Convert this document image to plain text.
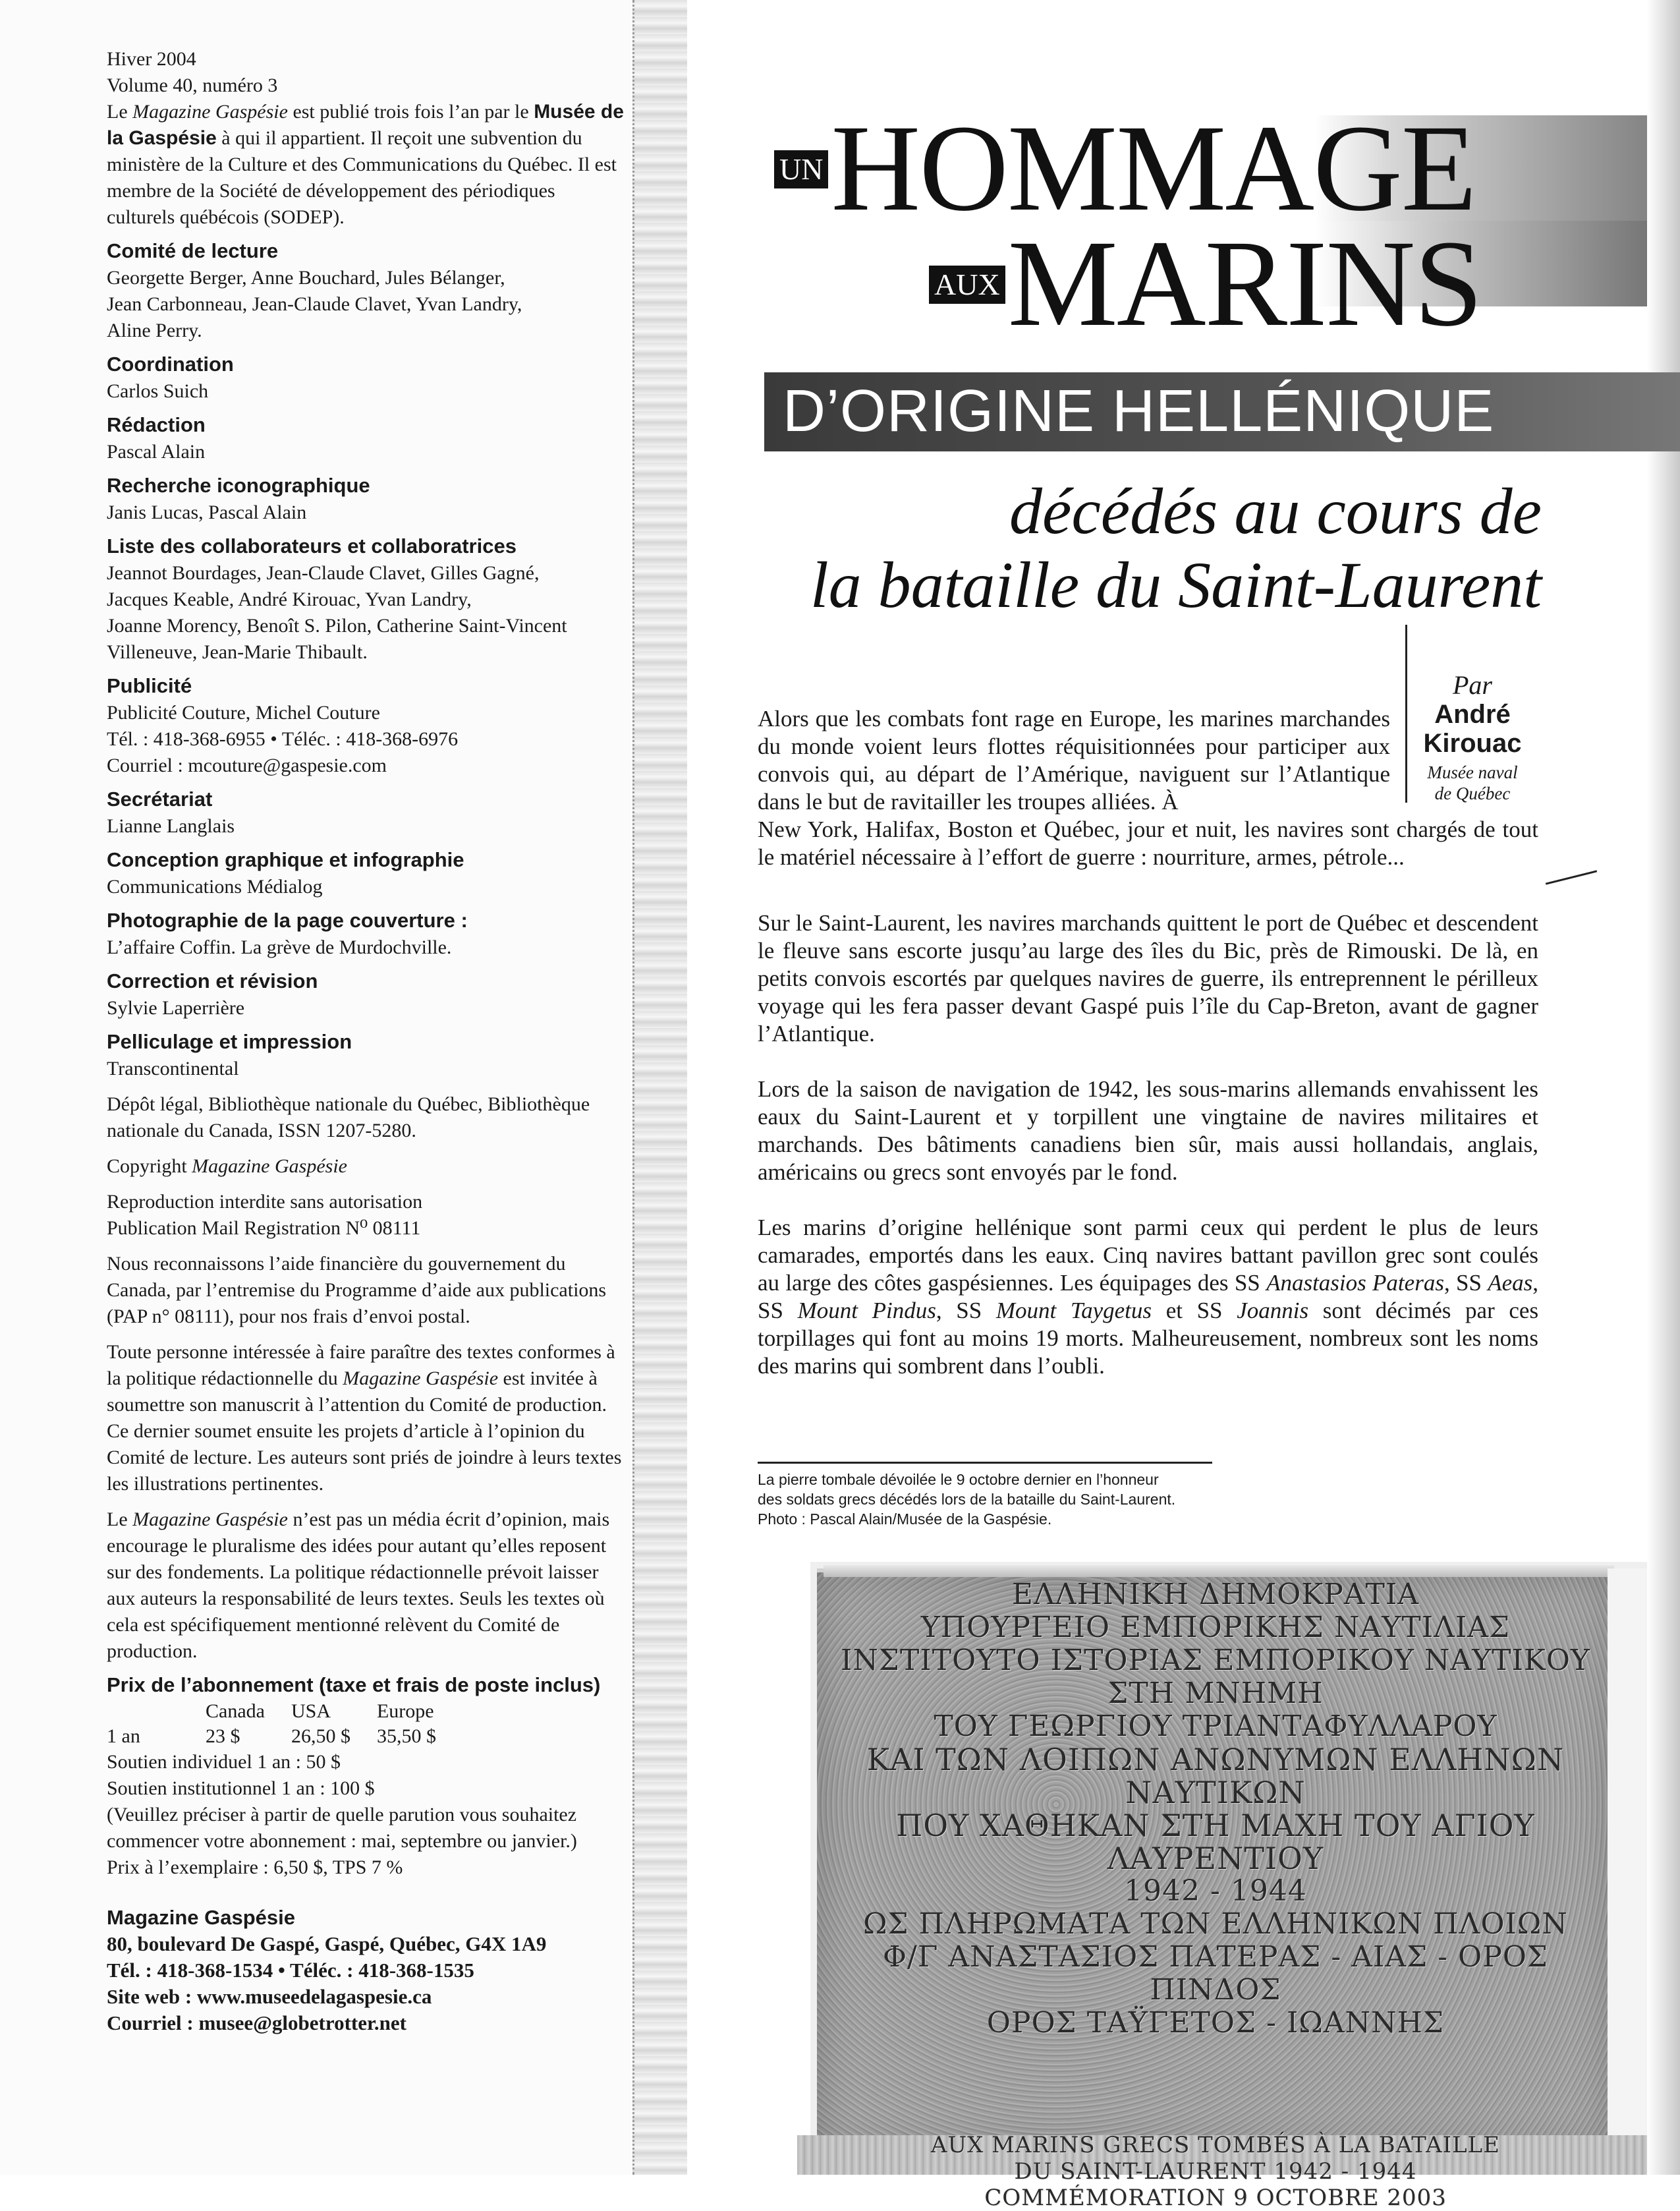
Hiver 2004

Volume 40, numéro 3

Le Magazine Gaspésie est publié trois fois l’an par le Musée de la Gaspésie à qui il appartient. Il reçoit une subvention du ministère de la Culture et des Communications du Québec. Il est membre de la Société de développement des périodiques culturels québécois (SODEP).

Comité de lecture

Georgette Berger, Anne Bouchard, Jules Bélanger,

Jean Carbonneau, Jean-Claude Clavet, Yvan Landry,

Aline Perry.

Coordination

Carlos Suich

Rédaction

Pascal Alain

Recherche iconographique

Janis Lucas, Pascal Alain

Liste des collaborateurs et collaboratrices

Jeannot Bourdages, Jean-Claude Clavet, Gilles Gagné,

Jacques Keable, André Kirouac, Yvan Landry,

Joanne Morency, Benoît S. Pilon, Catherine Saint-Vincent

Villeneuve, Jean-Marie Thibault.

Publicité

Publicité Couture, Michel Couture

Tél. : 418-368-6955 • Téléc. : 418-368-6976

Courriel : mcouture@gaspesie.com

Secrétariat

Lianne Langlais

Conception graphique et infographie

Communications Médialog

Photographie de la page couverture :

L’affaire Coffin. La grève de Murdochville.

Correction et révision

Sylvie Laperrière

Pelliculage et impression

Transcontinental

Dépôt légal, Bibliothèque nationale du Québec, Bibliothèque nationale du Canada, ISSN 1207-5280.

Copyright Magazine Gaspésie

Reproduction interdite sans autorisation

Publication Mail Registration N⁰ 08111

Nous reconnaissons l’aide financière du gouvernement du Canada, par l’entremise du Programme d’aide aux publications (PAP n° 08111), pour nos frais d’envoi postal.

Toute personne intéressée à faire paraître des textes conformes à la politique rédactionnelle du Magazine Gaspésie est invitée à soumettre son manuscrit à l’attention du Comité de production. Ce dernier soumet ensuite les projets d’article à l’opinion du Comité de lecture. Les auteurs sont priés de joindre à leurs textes les illustrations pertinentes.

Le Magazine Gaspésie n’est pas un média écrit d’opinion, mais encourage le pluralisme des idées pour autant qu’elles reposent sur des fondements. La politique rédactionnelle prévoit laisser aux auteurs la responsabilité de leurs textes. Seuls les textes où cela est spécifiquement mentionné relèvent du Comité de production.

Prix de l’abonnement (taxe et frais de poste inclus)

	Canada	USA	Europe
1 an	23 $	26,50 $	35,50 $

Soutien individuel 1 an : 50 $

Soutien institutionnel 1 an : 100 $

(Veuillez préciser à partir de quelle parution vous souhaitez commencer votre abonnement : mai, septembre ou janvier.)

Prix à l’exemplaire : 6,50 $, TPS 7 %

Magazine Gaspésie

80, boulevard De Gaspé, Gaspé, Québec, G4X 1A9

Tél. : 418-368-1534 • Téléc. : 418-368-1535

Site web : www.museedelagaspesie.ca

Courriel : musee@globetrotter.net

UNHOMMAGE
AUXMARINS
D’ORIGINE HELLÉNIQUE
décédés au cours de
la bataille du Saint-Laurent
Par
André
Kirouac
Musée naval
de Québec
Alors que les combats font rage en Europe, les marines marchandes du monde voient leurs flottes réquisitionnées pour participer aux convois qui, au départ de l’Amérique, naviguent sur l’Atlantique dans le but de ravitailler les troupes alliées. À
New York, Halifax, Boston et Québec, jour et nuit, les navires sont chargés de tout le matériel nécessaire à l’effort de guerre : nourriture, armes, pétrole...

Sur le Saint-Laurent, les navires marchands quittent le port de Québec et descendent le fleuve sans escorte jusqu’au large des îles du Bic, près de Rimouski. De là, en petits convois escortés par quelques navires de guerre, ils entreprennent le périlleux voyage qui les fera passer devant Gaspé puis l’île du Cap-Breton, avant de gagner l’Atlantique.

Lors de la saison de navigation de 1942, les sous-marins allemands envahissent les eaux du Saint-Laurent et y torpillent une vingtaine de navires militaires et marchands. Des bâtiments canadiens bien sûr, mais aussi hollandais, anglais, américains ou grecs sont envoyés par le fond.

Les marins d’origine hellénique sont parmi ceux qui perdent le plus de leurs camarades, emportés dans les eaux. Cinq navires battant pavillon grec sont coulés au large des côtes gaspésiennes. Les équipages des SS Anastasios Pateras, SS Aeas, SS Mount Pindus, SS Mount Taygetus et SS Joannis sont décimés par ces torpillages qui font au moins 19 morts. Malheureusement, nombreux sont les noms des marins qui sombrent dans l’oubli.

La pierre tombale dévoilée le 9 octobre dernier en l’honneur
des soldats grecs décédés lors de la bataille du Saint-Laurent.
Photo : Pascal Alain/Musée de la Gaspésie.
ΕΛΛΗΝΙΚΗ ΔΗΜΟΚΡΑΤΙΑ
ΥΠΟΥΡΓΕΙΟ ΕΜΠΟΡΙΚΗΣ ΝΑΥΤΙΛΙΑΣ
ΙΝΣΤΙΤΟΥΤΟ ΙΣΤΟΡΙΑΣ ΕΜΠΟΡΙΚΟΥ ΝΑΥΤΙΚΟΥ
ΣΤΗ ΜΝΗΜΗ
ΤΟΥ ΓΕΩΡΓΙΟΥ ΤΡΙΑΝΤΑΦΥΛΛΑΡΟΥ
ΚΑΙ ΤΩΝ ΛΟΙΠΩΝ ΑΝΩΝΥΜΩΝ ΕΛΛΗΝΩΝ ΝΑΥΤΙΚΩΝ
ΠΟΥ ΧΑΘΗΚΑΝ ΣΤΗ ΜΑΧΗ ΤΟΥ ΑΓΙΟΥ ΛΑΥΡΕΝΤΙΟΥ
1942 - 1944
ΩΣ ΠΛΗΡΩΜΑΤΑ ΤΩΝ ΕΛΛΗΝΙΚΩΝ ΠΛΟΙΩΝ
Φ/Γ ΑΝΑΣΤΑΣΙΟΣ ΠΑΤΕΡΑΣ - ΑΙΑΣ - ΟΡΟΣ ΠΙΝΔΟΣ
ΟΡΟΣ ΤΑΫΓΕΤΟΣ - ΙΩΑΝΝΗΣ
AUX MARINS GRECS TOMBÉS À LA BATAILLE
DU SAINT-LAURENT 1942 - 1944
COMMÉMORATION 9 OCTOBRE 2003
